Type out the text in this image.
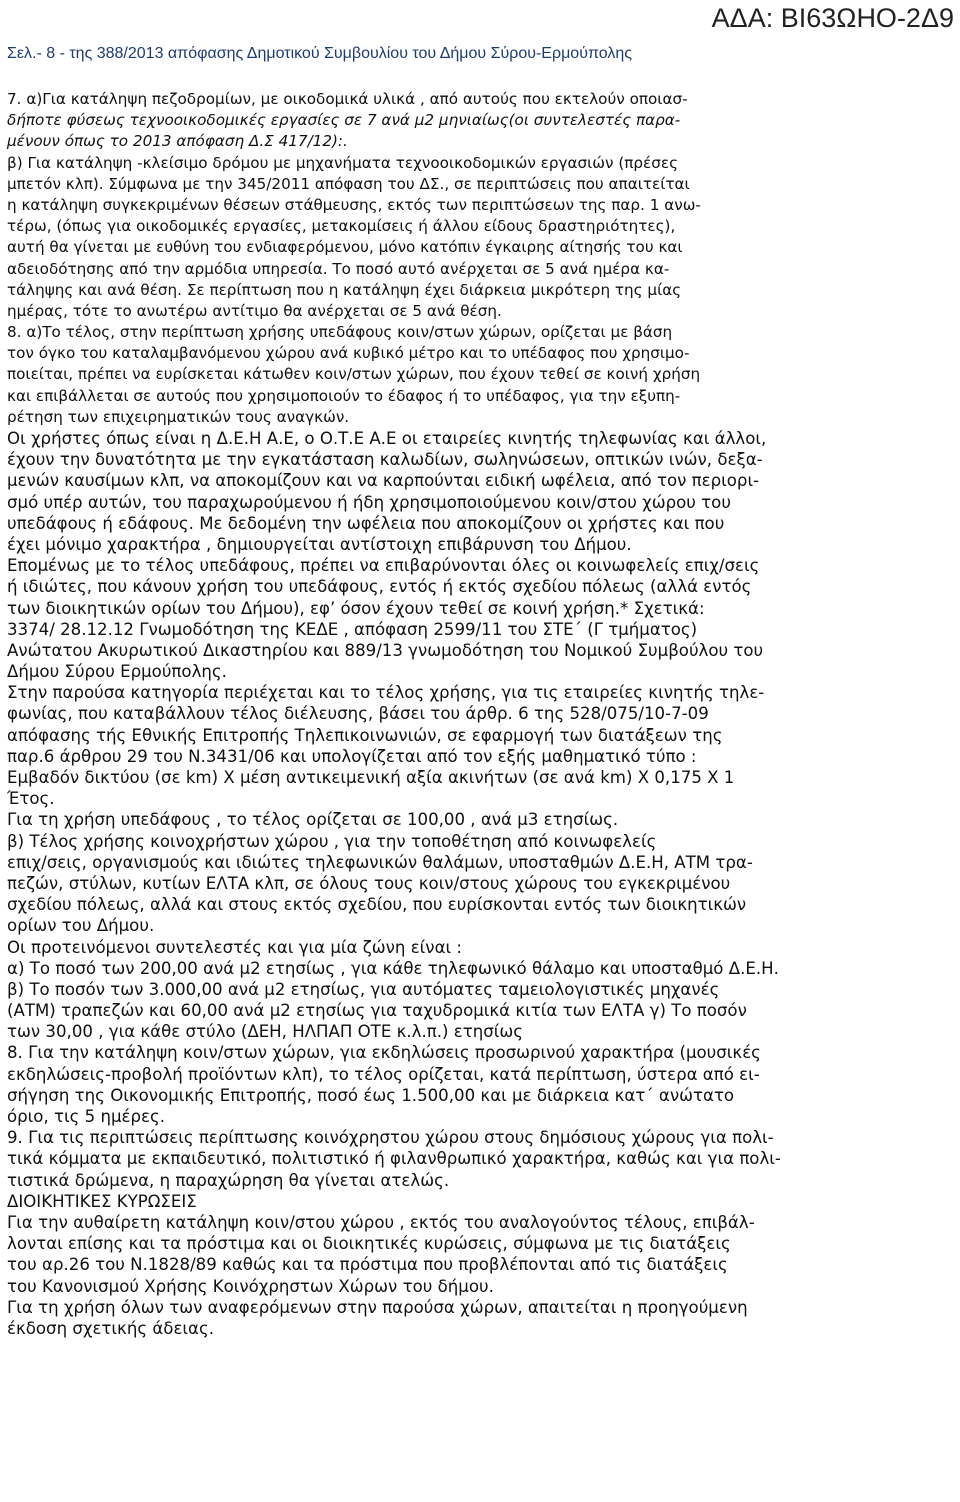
ΑΔΑ: ΒΙ63ΩΗΟ-2Δ9
Σελ.- 8 - της 388/2013 απόφασης Δημοτικού Συμβουλίου του Δήμου Σύρου-Ερμούπολης
7. α)Για κατάληψη πεζοδρομίων, με οικοδομικά υλικά , από αυτούς που εκτελούν οποιασ-
δήποτε φύσεως τεχνοοικοδομικές εργασίες σε 7 ανά μ2 μηνιαίως(οι συντελεστές παρα-
μένουν όπως το 2013 απόφαση Δ.Σ 417/12):.
β) Για κατάληψη -κλείσιμο δρόμου με μηχανήματα τεχνοοικοδομικών εργασιών (πρέσες
μπετόν κλπ). Σύμφωνα με την 345/2011 απόφαση του ΔΣ., σε περιπτώσεις που απαιτείται
η κατάληψη συγκεκριμένων θέσεων στάθμευσης, εκτός των περιπτώσεων της παρ. 1 ανω-
τέρω, (όπως για οικοδομικές εργασίες, μετακομίσεις ή άλλου είδους δραστηριότητες),
αυτή θα γίνεται με ευθύνη του ενδιαφερόμενου, μόνο κατόπιν έγκαιρης αίτησής του και
αδειοδότησης από την αρμόδια υπηρεσία. Το ποσό αυτό ανέρχεται σε 5 ανά ημέρα κα-
τάληψης και ανά θέση. Σε περίπτωση που η κατάληψη έχει διάρκεια μικρότερη της μίας
ημέρας, τότε το ανωτέρω αντίτιμο θα ανέρχεται σε 5 ανά θέση.
8. α)Το τέλος, στην περίπτωση χρήσης υπεδάφους κοιν/στων χώρων, ορίζεται με βάση
τον όγκο του καταλαμβανόμενου χώρου ανά κυβικό μέτρο και το υπέδαφος που χρησιμο-
ποιείται, πρέπει να ευρίσκεται κάτωθεν κοιν/στων χώρων, που έχουν τεθεί σε κοινή χρήση
και επιβάλλεται σε αυτούς που χρησιμοποιούν το έδαφος ή το υπέδαφος, για την εξυπη-
ρέτηση των επιχειρηματικών τους αναγκών.
Οι χρήστες όπως είναι η Δ.Ε.Η Α.Ε, ο Ο.Τ.Ε Α.Ε οι εταιρείες κινητής τηλεφωνίας και άλλοι,
έχουν την δυνατότητα με την εγκατάσταση καλωδίων, σωληνώσεων, οπτικών ινών, δεξα-
μενών καυσίμων κλπ, να αποκομίζουν και να καρπούνται ειδική ωφέλεια, από τον περιορι-
σμό υπέρ αυτών, του παραχωρούμενου ή ήδη χρησιμοποιούμενου κοιν/στου χώρου του
υπεδάφους ή εδάφους. Με δεδομένη την ωφέλεια που αποκομίζουν οι χρήστες και που
έχει μόνιμο χαρακτήρα , δημιουργείται αντίστοιχη επιβάρυνση του Δήμου.
Επομένως με το τέλος υπεδάφους, πρέπει να επιβαρύνονται όλες οι κοινωφελείς επιχ/σεις
ή ιδιώτες, που κάνουν χρήση του υπεδάφους, εντός ή εκτός σχεδίου πόλεως (αλλά εντός
των διοικητικών ορίων του Δήμου), εφ’ όσον έχουν τεθεί σε κοινή χρήση.* Σχετικά:
3374/ 28.12.12 Γνωμοδότηση της ΚΕΔΕ , απόφαση 2599/11 του ΣΤΕ΄ (Γ τμήματος)
Ανώτατου Ακυρωτικού Δικαστηρίου και 889/13 γνωμοδότηση του Νομικού Συμβούλου του
Δήμου Σύρου Ερμούπολης.
Στην παρούσα κατηγορία περιέχεται και το τέλος χρήσης, για τις εταιρείες κινητής τηλε-
φωνίας, που καταβάλλουν τέλος διέλευσης, βάσει του άρθρ. 6 της 528/075/10-7-09
απόφασης τής Εθνικής Επιτροπής Τηλεπικοινωνιών, σε εφαρμογή των διατάξεων της
παρ.6 άρθρου 29 του Ν.3431/06 και υπολογίζεται από τον εξής μαθηματικό τύπο :
Εμβαδόν δικτύου (σε km) Χ μέση αντικειμενική αξία ακινήτων (σε ανά km) Χ 0,175 Χ 1
Έτος.
Για τη χρήση υπεδάφους , το τέλος ορίζεται σε 100,00 , ανά μ3 ετησίως.
β) Τέλος χρήσης κοινοχρήστων χώρου , για την τοποθέτηση από κοινωφελείς
επιχ/σεις, οργανισμούς και ιδιώτες τηλεφωνικών θαλάμων, υποσταθμών Δ.Ε.Η, ΑΤΜ τρα-
πεζών, στύλων, κυτίων ΕΛΤΑ κλπ, σε όλους τους κοιν/στους χώρους του εγκεκριμένου
σχεδίου πόλεως, αλλά και στους εκτός σχεδίου, που ευρίσκονται εντός των διοικητικών
ορίων του Δήμου.
Οι προτεινόμενοι συντελεστές και για μία ζώνη είναι :
α) Το ποσό των 200,00 ανά μ2 ετησίως , για κάθε τηλεφωνικό θάλαμο και υποσταθμό Δ.Ε.Η.
β) Το ποσόν των 3.000,00 ανά μ2 ετησίως, για αυτόματες ταμειολογιστικές μηχανές
(ΑΤΜ) τραπεζών και 60,00 ανά μ2 ετησίως για ταχυδρομικά κιτία των ΕΛΤΑ γ) Το ποσόν
των 30,00 , για κάθε στύλο (ΔΕΗ, ΗΛΠΑΠ ΟΤΕ κ.λ.π.) ετησίως
8. Για την κατάληψη κοιν/στων χώρων, για εκδηλώσεις προσωρινού χαρακτήρα (μουσικές
εκδηλώσεις-προβολή προϊόντων κλπ), το τέλος ορίζεται, κατά περίπτωση, ύστερα από ει-
σήγηση της Οικονομικής Επιτροπής, ποσό έως 1.500,00 και με διάρκεια κατ΄ ανώτατο
όριο, τις 5 ημέρες.
9. Για τις περιπτώσεις περίπτωσης κοινόχρηστου χώρου στους δημόσιους χώρους για πολι-
τικά κόμματα με εκπαιδευτικό, πολιτιστικό ή φιλανθρωπικό χαρακτήρα, καθώς και για πολι-
τιστικά δρώμενα, η παραχώρηση θα γίνεται ατελώς.
ΔΙΟΙΚΗΤΙΚΕΣ ΚΥΡΩΣΕΙΣ
Για την αυθαίρετη κατάληψη κοιν/στου χώρου , εκτός του αναλογούντος τέλους, επιβάλ-
λονται επίσης και τα πρόστιμα και οι διοικητικές κυρώσεις, σύμφωνα με τις διατάξεις
του αρ.26 του Ν.1828/89 καθώς και τα πρόστιμα που προβλέπονται από τις διατάξεις
του Κανονισμού Χρήσης Κοινόχρηστων Χώρων του δήμου.
Για τη χρήση όλων των αναφερόμενων στην παρούσα χώρων, απαιτείται η προηγούμενη
έκδοση σχετικής άδειας.
